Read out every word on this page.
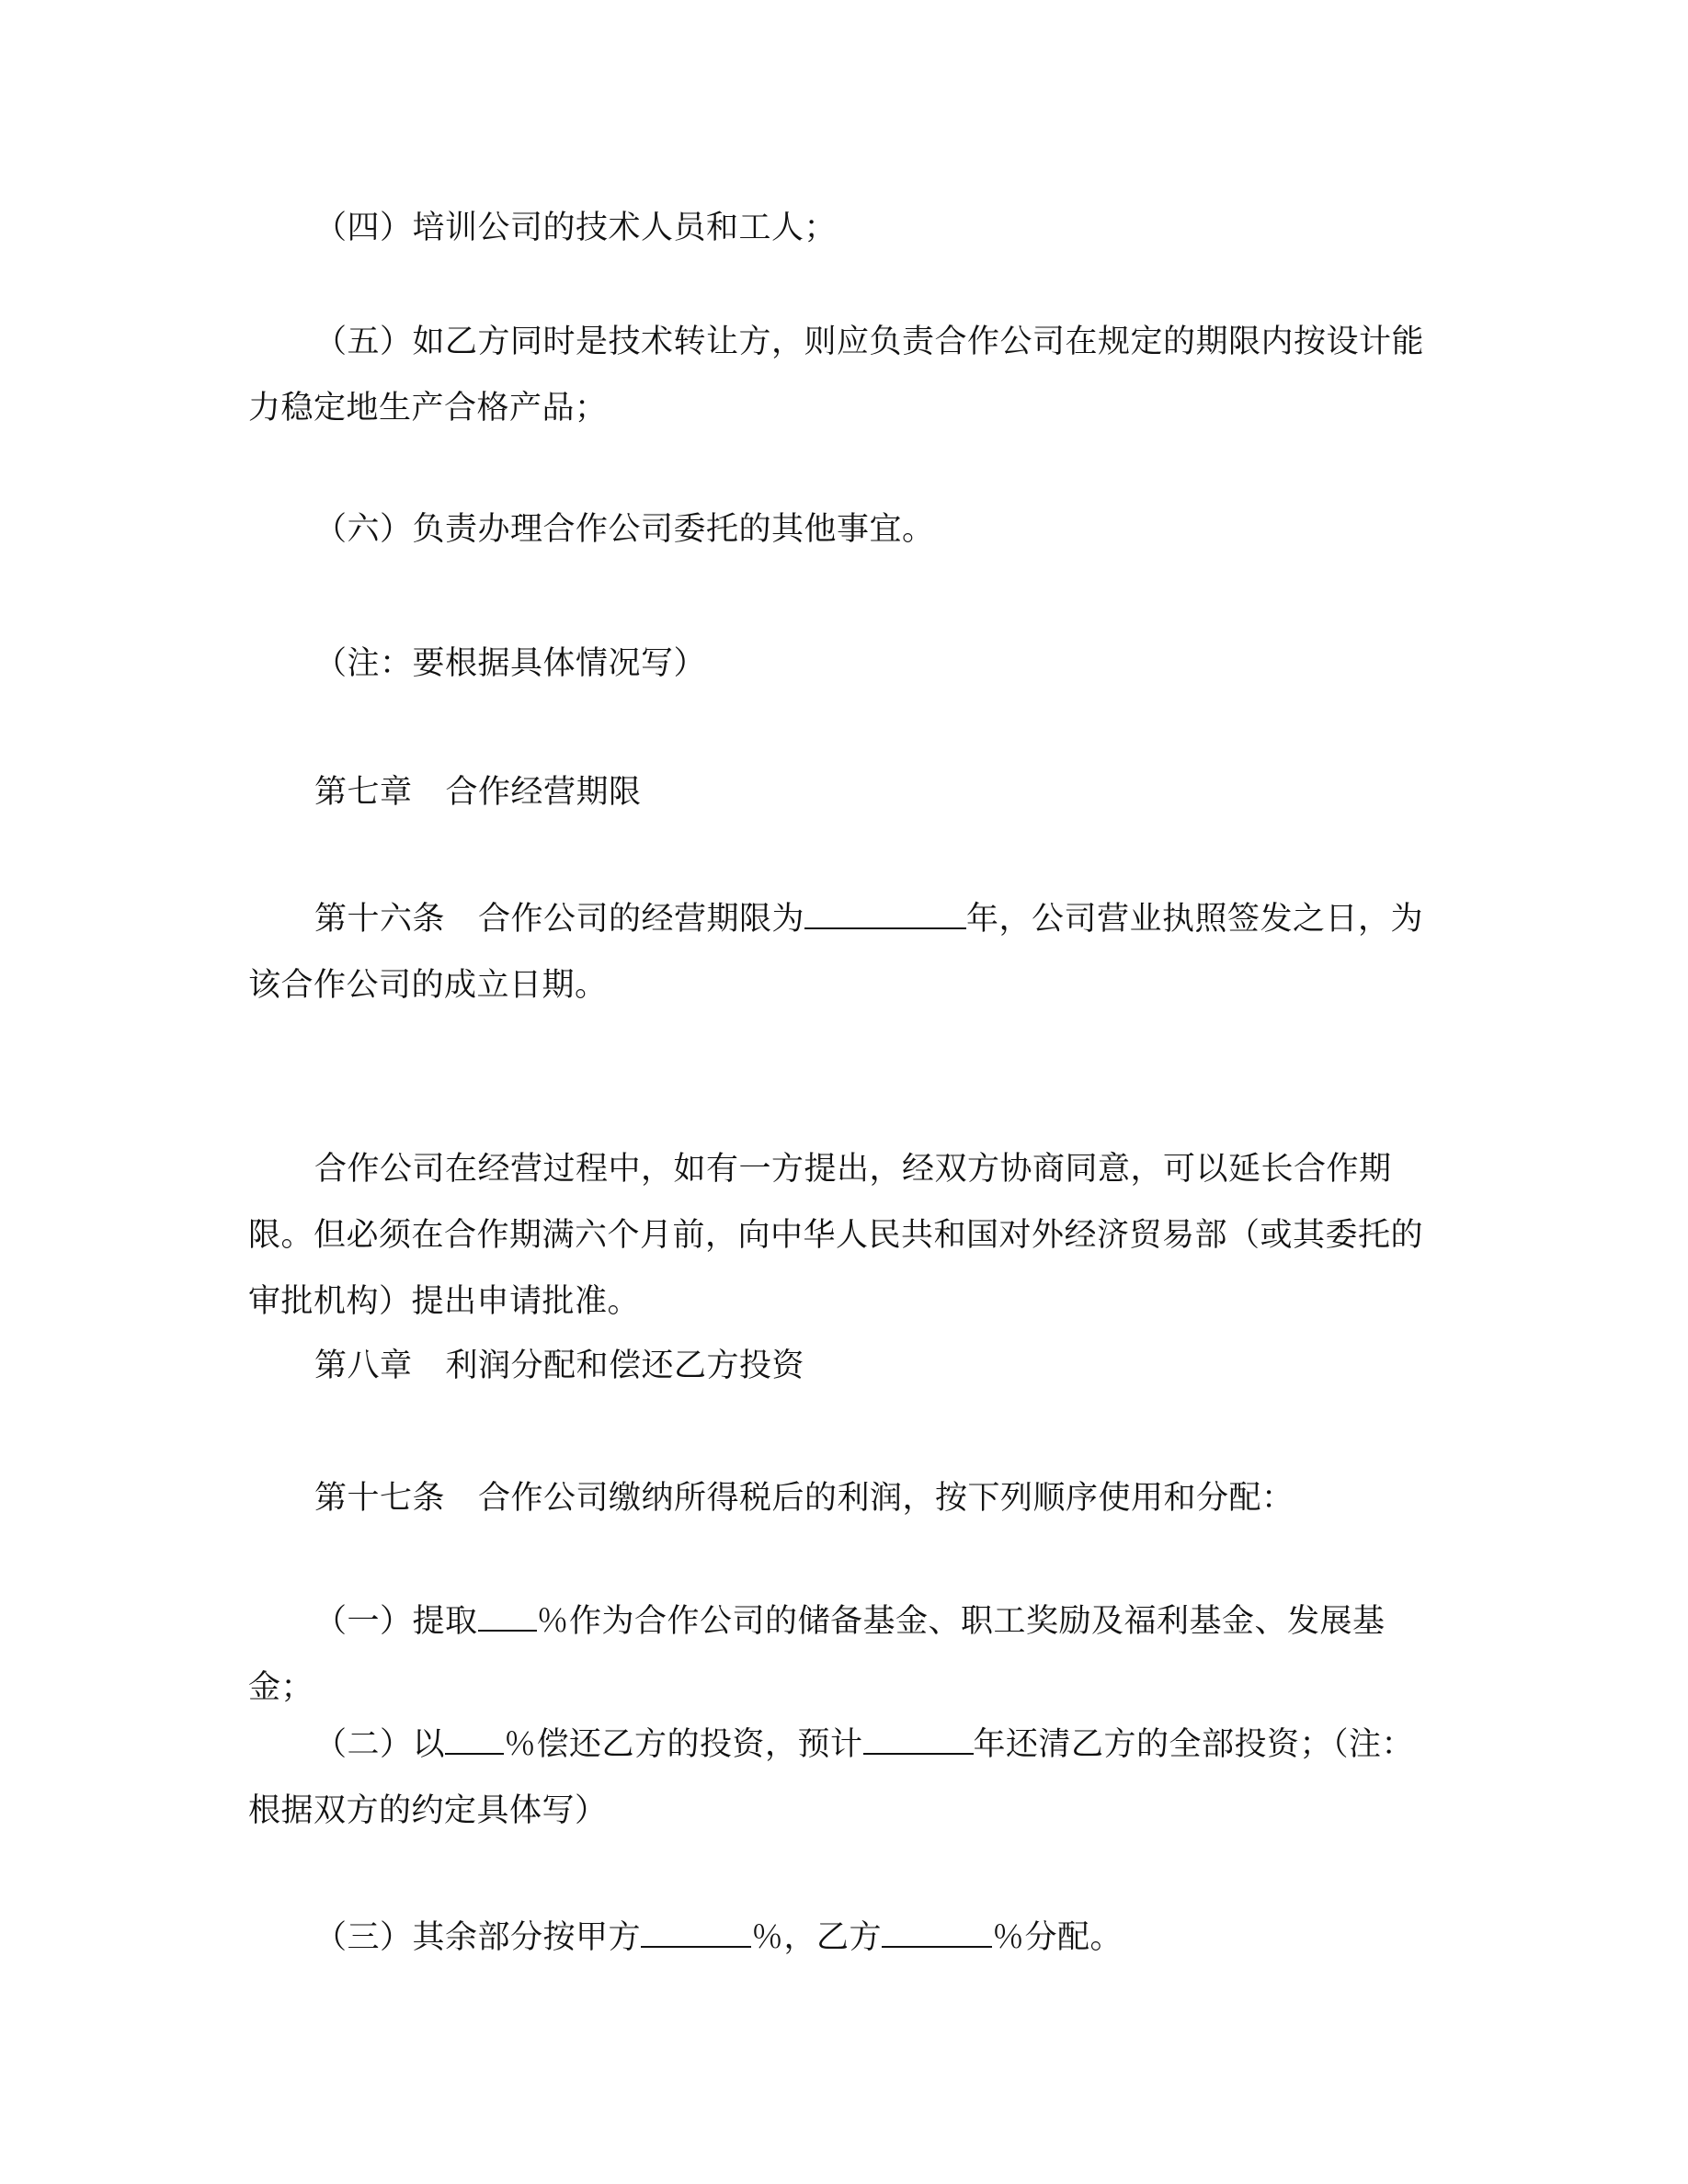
（四）培训公司的技术人员和工人；

（五）如乙方同时是技术转让方，则应负责合作公司在规定的期限内按设计能力稳定地生产合格产品；

（六）负责办理合作公司委托的其他事宜。

（注：要根据具体情况写）

第七章 合作经营期限

第十六条 合作公司的经营期限为	年，公司营业执照签发之日，为该合作公司的成立日期。

合作公司在经营过程中，如有一方提出，经双方协商同意，可以延长合作期限。但必须在合作期满六个月前，向中华人民共和国对外经济贸易部（或其委托的审批机构）提出申请批准。

第八章 利润分配和偿还乙方投资

第十七条 合作公司缴纳所得税后的利润，按下列顺序使用和分配：

（一）提取 ％作为合作公司的储备基金、职工奖励及福利基金、发展基金；

（二）以 ％偿还乙方的投资，预计	年还清乙方的全部投资；（注：根据双方的约定具体写）

（三）其余部分按甲方	％，乙方	％分配。
